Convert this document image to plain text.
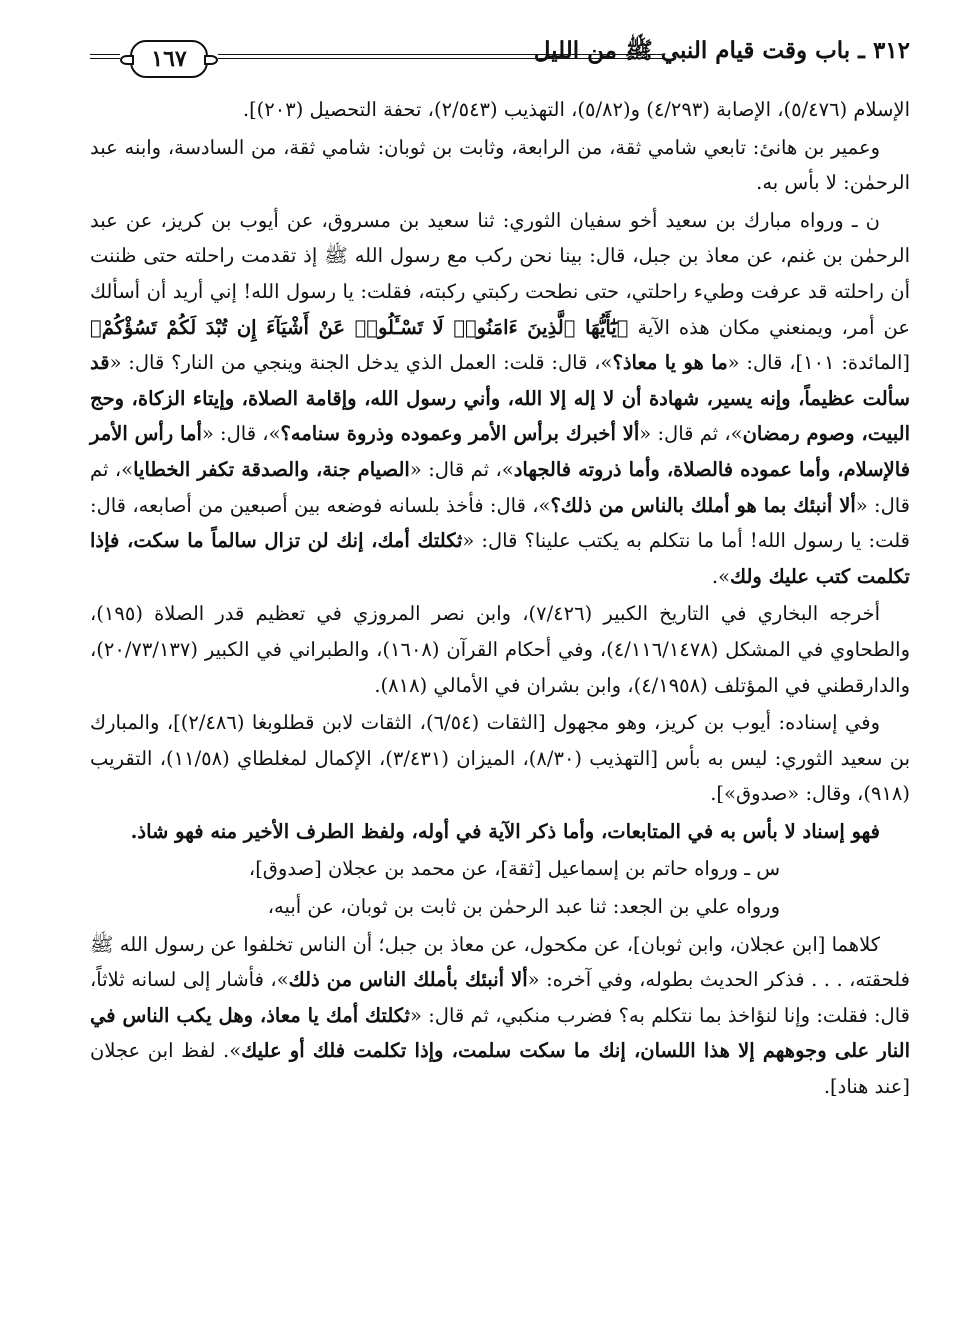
٣١٢ ـ باب وقت قيام النبي ﷺ من الليل
١٦٧

الإسلام (٥/٤٧٦)، الإصابة (٤/٢٩٣) و(٥/٨٢)، التهذيب (٢/٥٤٣)، تحفة التحصيل (٢٠٣)].

وعمير بن هانئ: تابعي شامي ثقة، من الرابعة، وثابت بن ثوبان: شامي ثقة، من السادسة، وابنه عبد الرحمٰن: لا بأس به.

ن ـ ورواه مبارك بن سعيد أخو سفيان الثوري: ثنا سعيد بن مسروق، عن أيوب بن كريز، عن عبد الرحمٰن بن غنم، عن معاذ بن جبل، قال: بينا نحن ركب مع رسول الله ﷺ إذ تقدمت راحلته حتى ظننت أن راحلته قد عرفت وطيء راحلتي، حتى نطحت ركبتي ركبته، فقلت: يا رسول الله! إني أريد أن أسألك عن أمر، ويمنعني مكان هذه الآية ﴿يَٰٓأَيُّهَا ٱلَّذِينَ ءَامَنُوا۟ لَا تَسْـَٔلُوا۟ عَنْ أَشْيَآءَ إِن تُبْدَ لَكُمْ تَسُؤْكُمْ﴾ [المائدة: ١٠١]، قال: «ما هو يا معاذ؟»، قال: قلت: العمل الذي يدخل الجنة وينجي من النار؟ قال: «قد سألت عظيماً، وإنه يسير، شهادة أن لا إله إلا الله، وأني رسول الله، وإقامة الصلاة، وإيتاء الزكاة، وحج البيت، وصوم رمضان»، ثم قال: «ألا أخبرك برأس الأمر وعموده وذروة سنامه؟»، قال: «أما رأس الأمر فالإسلام، وأما عموده فالصلاة، وأما ذروته فالجهاد»، ثم قال: «الصيام جنة، والصدقة تكفر الخطايا»، ثم قال: «ألا أنبئك بما هو أملك بالناس من ذلك؟»، قال: فأخذ بلسانه فوضعه بين أصبعين من أصابعه، قال: قلت: يا رسول الله! أما ما نتكلم به يكتب علينا؟ قال: «ثكلتك أمك، إنك لن تزال سالماً ما سكت، فإذا تكلمت كتب عليك ولك».

أخرجه البخاري في التاريخ الكبير (٧/٤٢٦)، وابن نصر المروزي في تعظيم قدر الصلاة (١٩٥)، والطحاوي في المشكل (٤/١١٦/١٤٧٨)، وفي أحكام القرآن (١٦٠٨)، والطبراني في الكبير (٢٠/٧٣/١٣٧)، والدارقطني في المؤتلف (٤/١٩٥٨)، وابن بشران في الأمالي (٨١٨).

وفي إسناده: أيوب بن كريز، وهو مجهول [الثقات (٦/٥٤)، الثقات لابن قطلوبغا (٢/٤٨٦)]، والمبارك بن سعيد الثوري: ليس به بأس [التهذيب (٨/٣٠)، الميزان (٣/٤٣١)، الإكمال لمغلطاي (١١/٥٨)، التقريب (٩١٨)، وقال: «صدوق»].

فهو إسناد لا بأس به في المتابعات، وأما ذكر الآية في أوله، ولفظ الطرف الأخير منه فهو شاذ.

س ـ ورواه حاتم بن إسماعيل [ثقة]، عن محمد بن عجلان [صدوق]،

ورواه علي بن الجعد: ثنا عبد الرحمٰن بن ثابت بن ثوبان، عن أبيه،

كلاهما [ابن عجلان، وابن ثوبان]، عن مكحول، عن معاذ بن جبل؛ أن الناس تخلفوا عن رسول الله ﷺ فلحقته، . . . فذكر الحديث بطوله، وفي آخره: «ألا أنبئك بأملك الناس من ذلك»، فأشار إلى لسانه ثلاثاً، قال: فقلت: وإنا لنؤاخذ بما نتكلم به؟ فضرب منكبي، ثم قال: «ثكلتك أمك يا معاذ، وهل يكب الناس في النار على وجوههم إلا هذا اللسان، إنك ما سكت سلمت، وإذا تكلمت فلك أو عليك». لفظ ابن عجلان [عند هناد].
